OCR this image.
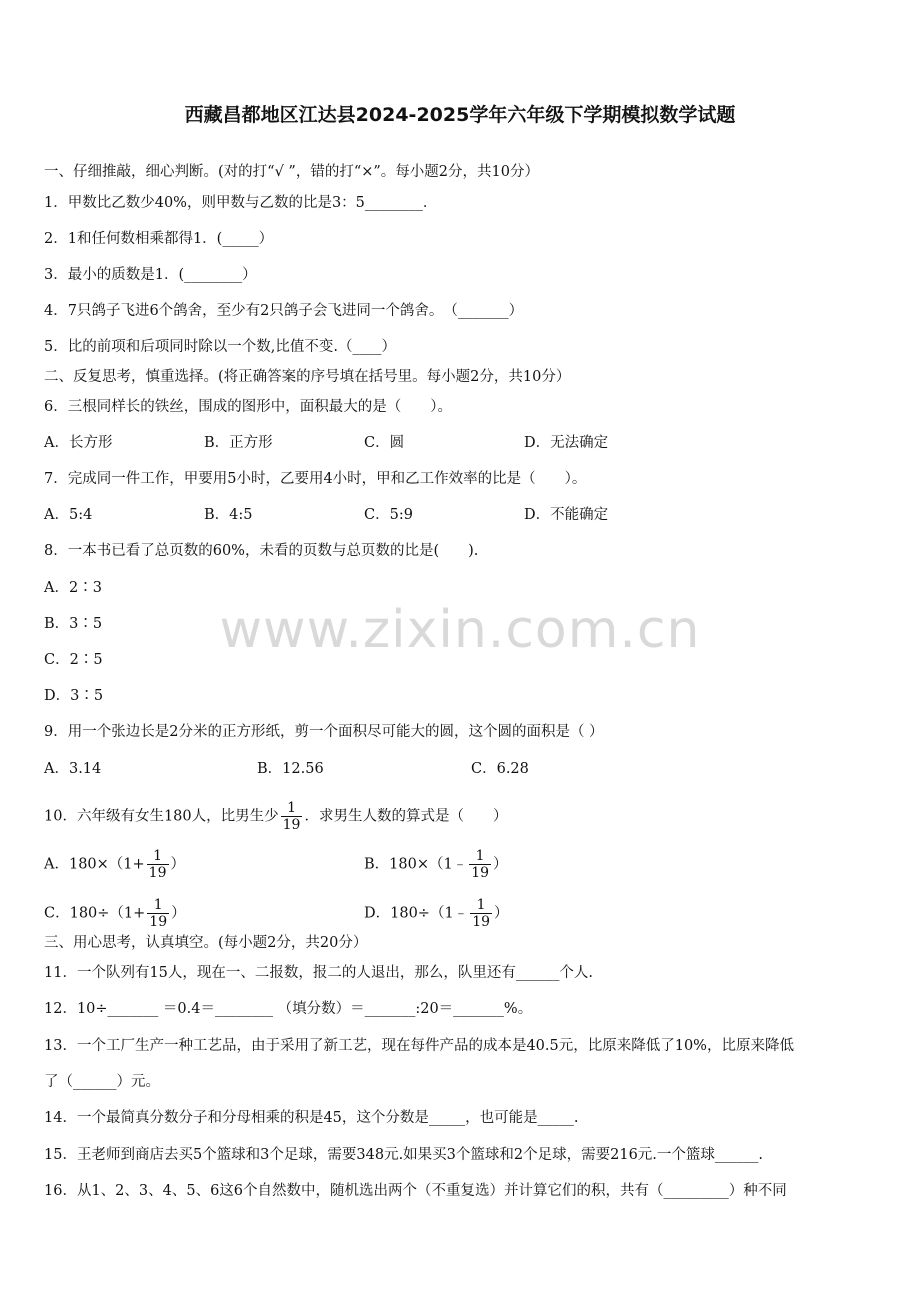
www.zixin.com.cn
西藏昌都地区江达县2024-2025学年六年级下学期模拟数学试题
一、仔细推敲，细心判断。(对的打“√ ”，错的打“×”。每小题2分，共10分）
1．甲数比乙数少40%，则甲数与乙数的比是3：5________．
2．1和任何数相乘都得1．(_____）
3．最小的质数是1．(________）
4．7只鸽子飞进6个鸽舍，至少有2只鸽子会飞进同一个鸽舍。　（_______）
5．比的前项和后项同时除以一个数,比值不变.（____）
二、反复思考，慎重选择。(将正确答案的序号填在括号里。每小题2分，共10分）
6．三根同样长的铁丝，围成的图形中，面积最大的是（　　）。
A．长方形	B．正方形	C．圆	D．无法确定
7．完成同一件工作，甲要用5小时，乙要用4小时，甲和乙工作效率的比是（　　）。
A．5:4	B．4:5	C．5:9	D．不能确定
8．一本书已看了总页数的60%，未看的页数与总页数的比是(　　).
A．2∶3
B．3∶5
C．2∶5
D．3∶5
9．用一个张边长是2分米的正方形纸，剪一个面积尽可能大的圆，这个圆的面积是（ ）
A．3.14	B．12.56	C．6.28
10．六年级有女生180人，比男生少 $\frac{1}{19}$ ．求男生人数的算式是（　　）
A．$180\times(1+ \frac{1}{19}$ ）	B．180×（1﹣ $\frac{1}{19}$ ）
C．$180\div(1+ \frac{1}{19}$ ）	D．180÷（1﹣ $\frac{1}{19}$ ）
三、用心思考，认真填空。(每小题2分，共20分）
11．一个队列有15人，现在一、二报数，报二的人退出，那么，队里还有______个人.
12．10÷_______ ＝0.4＝________ （填分数）＝_______:20＝_______%。
13．一个工厂生产一种工艺品，由于采用了新工艺，现在每件产品的成本是40.5元，比原来降低了10%，比原来降低
了（______）元。
14．一个最简真分数分子和分母相乘的积是45，这个分数是_____，也可能是_____.
15．王老师到商店去买5个篮球和3个足球，需要348元.如果买3个篮球和2个足球，需要216元.一个篮球______.
16．从1、2、3、4、5、6这6个自然数中，随机选出两个（不重复选）并计算它们的积，共有（_________）种不同
